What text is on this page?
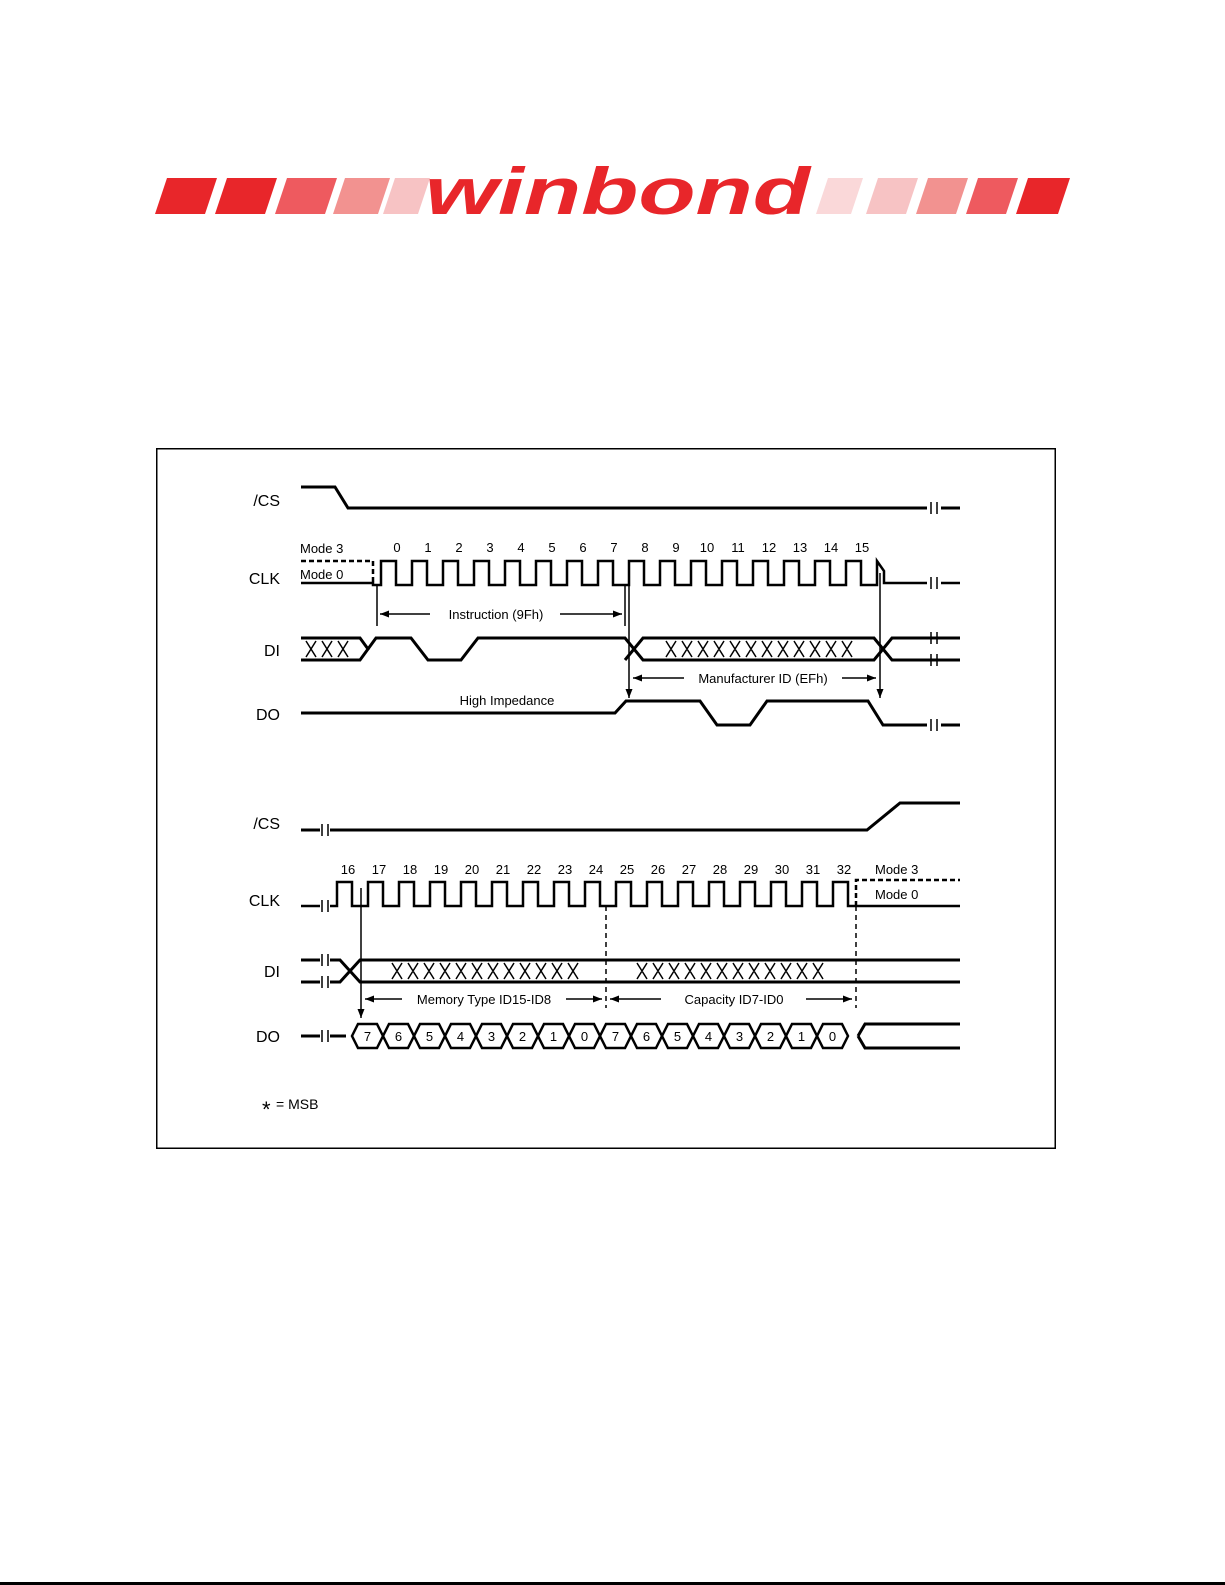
winbond
/CS
CLK
DI
DO
/CS
CLK
DI
DO
Mode 3
Mode 0
Mode 3
Mode 0
0 1 2 3 4 5 6 7 8 9 10 11 12 13 14 15
Instruction (9Fh)
Manufacturer ID (EFh)
High Impedance
16 17 18 19 20 21 22 23 24 25 26 27 28 29 30 31 32
Memory Type ID15-ID8	Capacity ID7-ID0
7 6 5 4 3 2 1 0 7 6 5 4 3 2 1 0
* = MSB
